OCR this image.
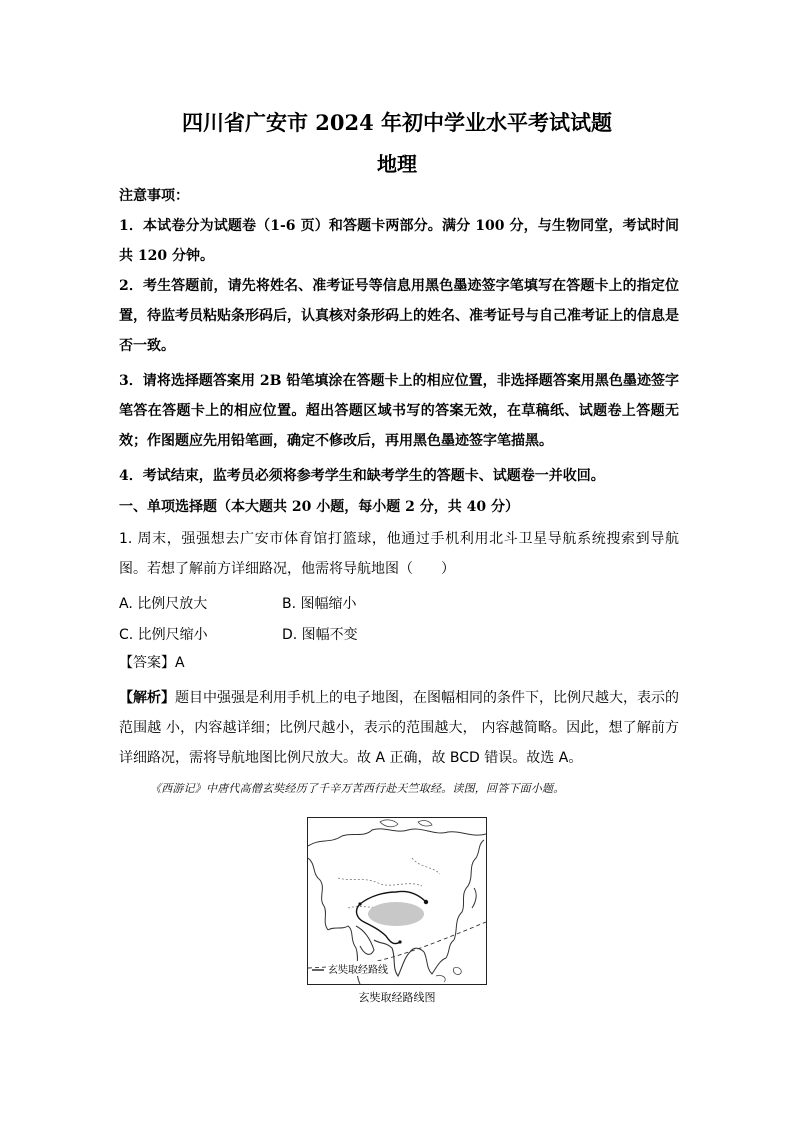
四川省广安市 2024 年初中学业水平考试试题
地理

注意事项：

1．本试卷分为试题卷（1-6 页）和答题卡两部分。满分 100 分，与生物同堂，考试时间共 120 分钟。

2．考生答题前，请先将姓名、准考证号等信息用黑色墨迹签字笔填写在答题卡上的指定位置，待监考员粘贴条形码后，认真核对条形码上的姓名、准考证号与自己准考证上的信息是否一致。

3．请将选择题答案用 2B 铅笔填涂在答题卡上的相应位置，非选择题答案用黑色墨迹签字笔答在答题卡上的相应位置。超出答题区域书写的答案无效，在草稿纸、试题卷上答题无效；作图题应先用铅笔画，确定不修改后，再用黑色墨迹签字笔描黑。

4．考试结束，监考员必须将参考学生和缺考学生的答题卡、试题卷一并收回。

一、单项选择题（本大题共 20 小题，每小题 2 分，共 40 分）

1. 周末，强强想去广安市体育馆打篮球，他通过手机利用北斗卫星导航系统搜索到导航图。若想了解前方详细路况，他需将导航地图（　　）

A. 比例尺放大	B. 图幅缩小
C. 比例尺缩小	D. 图幅不变

【答案】A

【解析】题目中强强是利用手机上的电子地图，在图幅相同的条件下，比例尺越大，表示的范围越 小，内容越详细；比例尺越小，表示的范围越大， 内容越简略。因此，想了解前方详细路况，需将导航地图比例尺放大。故 A 正确，故 BCD 错误。故选 A。

《西游记》中唐代高僧玄奘经历了千辛万苦西行赴天竺取经。读图，回答下面小题。
玄奘取经路线
玄奘取经路线图
